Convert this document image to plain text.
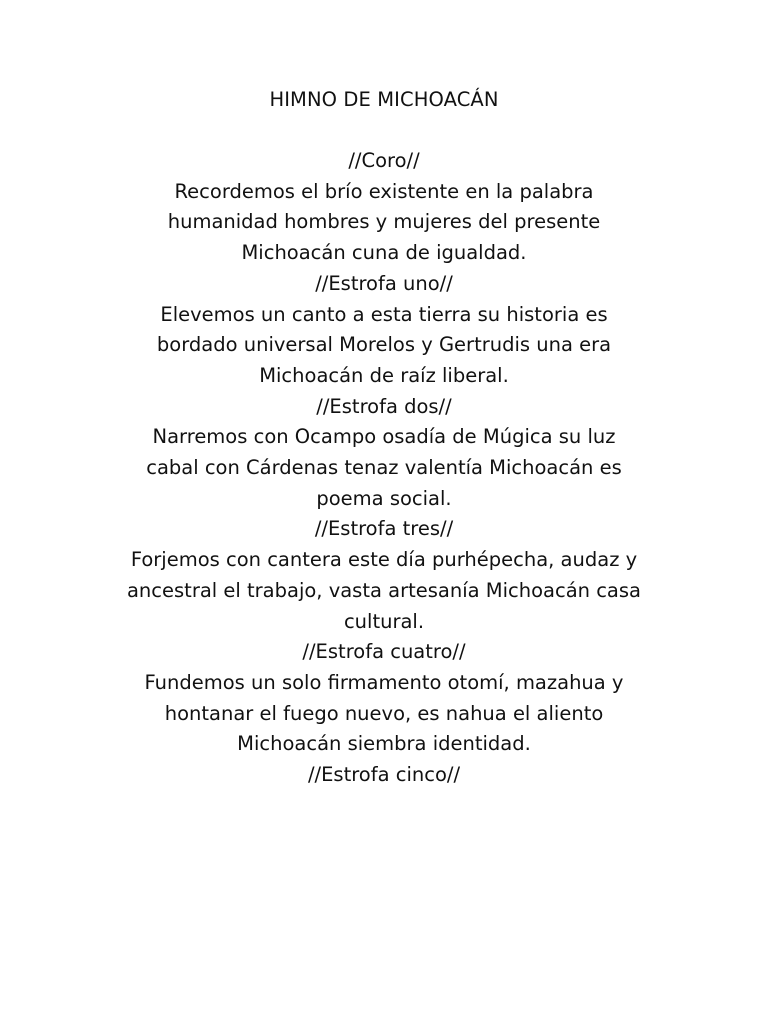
HIMNO DE MICHOACÁN
//Coro//
Recordemos el brío existente en la palabra
humanidad hombres y mujeres del presente
Michoacán cuna de igualdad.
//Estrofa uno//
Elevemos un canto a esta tierra su historia es
bordado universal Morelos y Gertrudis una era
Michoacán de raíz liberal.
//Estrofa dos//
Narremos con Ocampo osadía de Múgica su luz
cabal con Cárdenas tenaz valentía Michoacán es
poema social.
//Estrofa tres//
Forjemos con cantera este día purhépecha, audaz y
ancestral el trabajo, vasta artesanía Michoacán casa
cultural.
//Estrofa cuatro//
Fundemos un solo firmamento otomí, mazahua y
hontanar el fuego nuevo, es nahua el aliento
Michoacán siembra identidad.
//Estrofa cinco//
